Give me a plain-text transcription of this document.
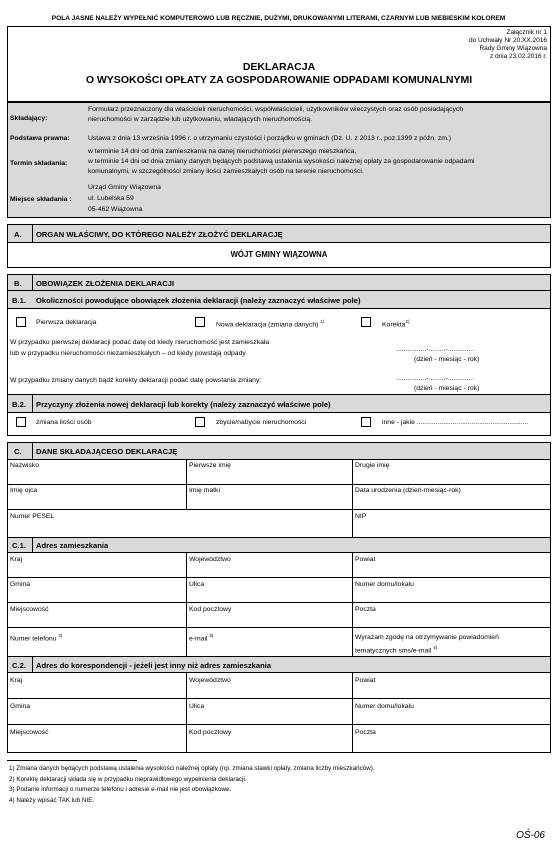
POLA JASNE NALEŻY WYPEŁNIĆ KOMPUTEROWO LUB RĘCZNIE, DUŻYMI, DRUKOWANYMI LITERAMI, CZARNYM LUB NIEBIESKIM KOLOREM
Załącznik nr 1
do Uchwały Nr 20.XX.2016
Rady Gminy Wiązowna
z dnia 23.02.2016 r.
DEKLARACJA
O WYSOKOŚCI OPŁATY ZA GOSPODAROWANIE ODPADAMI KOMUNALNYMI
Składający:
Formularz przeznaczony dla właścicieli nieruchomości, współwłaścicieli, użytkowników wieczystych oraz osób posiadających
nieruchomości w zarządzie lub użytkowaniu, władających nieruchomością.
Podstawa prawna:	Ustawa z dnia 13 września 1996 r. o utrzymaniu czystości i porządku w gminach (Dz. U. z 2013 r., poz.1399 z późn. zm.)
Termin składania:
w terminie 14 dni od dnia zamieszkania na danej nieruchomości pierwszego mieszkańca,
w terminie 14 dni od dnia zmiany danych będących podstawą ustalenia wysokości należnej opłaty za gospodarowanie odpadami
komunalnymi, w szczególności zmiany ilości zamieszkałych osób na terenie nieruchomości.
Miejsce składania :
Urząd Gminy Wiązowna
ul. Lubelska 59
05-462 Wiązowna
A. ORGAN WŁAŚCIWY, DO KTÓREGO NALEŻY ZŁOŻYĆ DEKLARACJĘ
WÓJT GMINY WIĄZOWNA
B. OBOWIĄZEK ZŁOŻENIA DEKLARACJI
B.1. Okoliczności powodujące obowiązek złożenia deklaracji (należy zaznaczyć właściwe pole)
Pierwsza deklaracja	Nowa deklaracja (zmiana danych) $^{1)}$	Korekta$^{2)}$
W przypadku pierwszej deklaracji podać datę od kiedy nieruchomość jest zamieszkała
lub w przypadku nieruchomości niezamieszkałych – od kiedy powstają odpady
................-.........-..............
(dzień - miesiąc - rok)
W przypadku zmiany danych bądź korekty deklaracji podać datę powstania zmiany:	................-.........-..............
(dzień - miesiąc - rok)
B.2. Przyczyny złożenia nowej deklaracji lub korekty (należy zaznaczyć właściwe pole)
zmiana ilości osób	zbycie/nabycie nieruchomości	inne - jakie ...........................................................
C. DANE SKŁADAJĄCEGO DEKLARACJĘ
Nazwisko	Pierwsze imię	Drugie imię
Imię ojca	Imię matki	Data urodzenia (dzień-miesiąc-rok)
Numer PESEL	NIP
C.1. Adres zamieszkania
Kraj	Województwo	Powiat
Gmina	Ulica	Numer domu/lokalu
Miejscowość	Kod pocztowy	Poczta
Numer telefonu $^{3)}$	e-mail $^{3)}$	Wyrażam zgodę na otrzymywanie powiadomień
tematycznych sms/e-mail $^{4)}$
C.2. Adres do korespondencji - jeżeli jest inny niż adres zamieszkania
Kraj	Województwo	Powiat
Gmina	Ulica	Numer domu/lokalu
Miejscowość	Kod pocztowy	Poczta
1) Zmiana danych będących podstawą ustalenia wysokości należnej opłaty (np. zmiana stawki opłaty, zmiana liczby mieszkańców).
2) Korektę deklaracji składa się w przypadku nieprawidłowego wypełnienia deklaracji.
3) Podanie informacji o numerze telefonu i adresie e-mail nie jest obowiązkowe.
4) Należy wpisać TAK lub NIE.
OŚ-06
